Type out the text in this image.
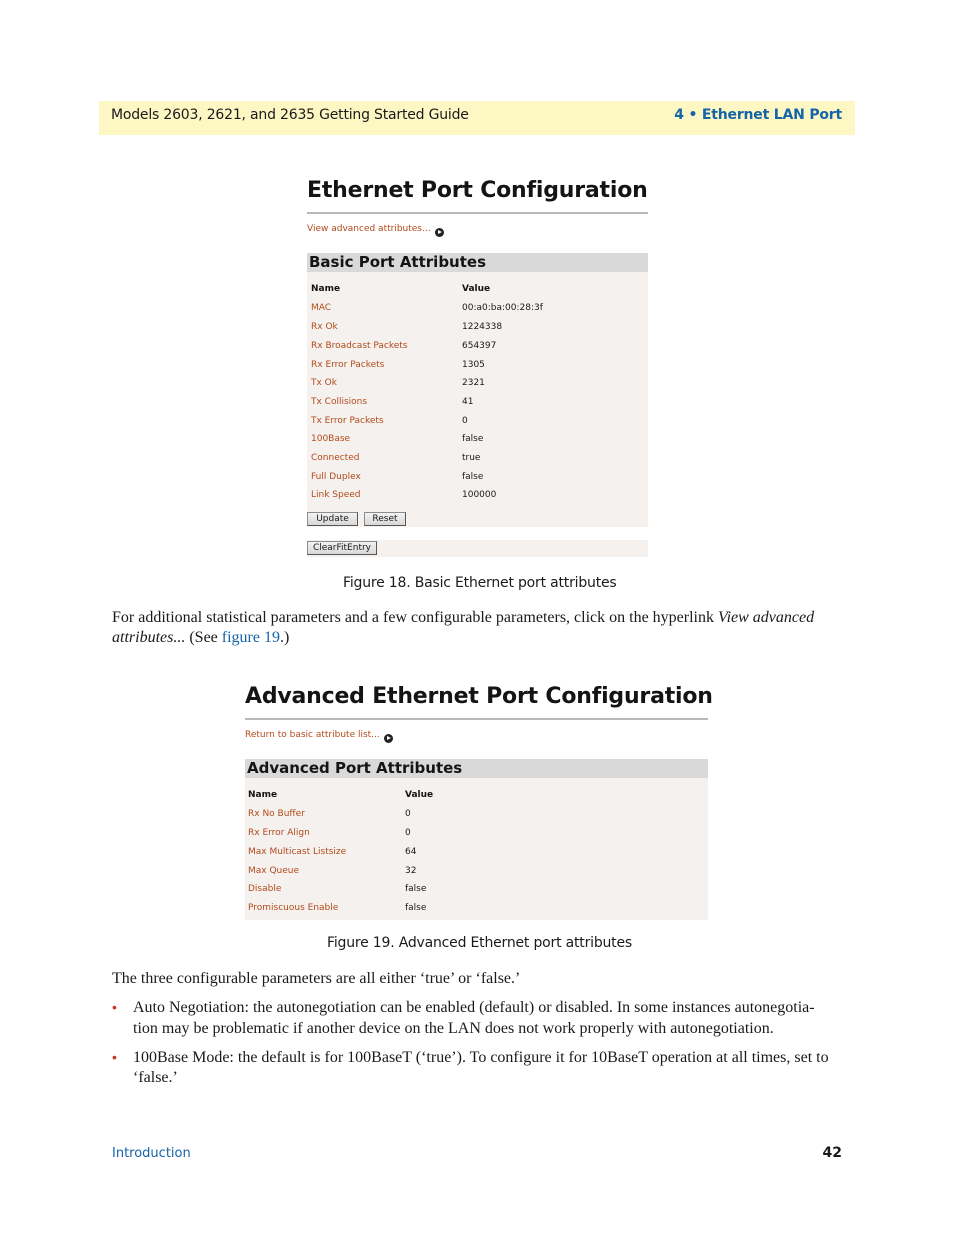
Models 2603, 2621, and 2635 Getting Started Guide	4 • Ethernet LAN Port
Ethernet Port Configuration
View advanced attributes...
Basic Port Attributes
Name	Value
MAC	00:a0:ba:00:28:3f
Rx Ok	1224338
Rx Broadcast Packets	654397
Rx Error Packets	1305
Tx Ok	2321
Tx Collisions	41
Tx Error Packets	0
100Base	false
Connected	true
Full Duplex	false
Link Speed	100000
Update	Reset
ClearFitEntry
Figure 18. Basic Ethernet port attributes
For additional statistical parameters and a few configurable parameters, click on the hyperlink View advanced attributes... (See figure 19.)
Advanced Ethernet Port Configuration
Return to basic attribute list...
Advanced Port Attributes
Name	Value
Rx No Buffer	0
Rx Error Align	0
Max Multicast Listsize	64
Max Queue	32
Disable	false
Promiscuous Enable	false
Figure 19. Advanced Ethernet port attributes
The three configurable parameters are all either ‘true’ or ‘false.’
• Auto Negotiation: the autonegotiation can be enabled (default) or disabled. In some instances autonegotia-
tion may be problematic if another device on the LAN does not work properly with autonegotiation.
• 100Base Mode: the default is for 100BaseT (‘true’). To configure it for 10BaseT operation at all times, set to
‘false.’
Introduction	42
